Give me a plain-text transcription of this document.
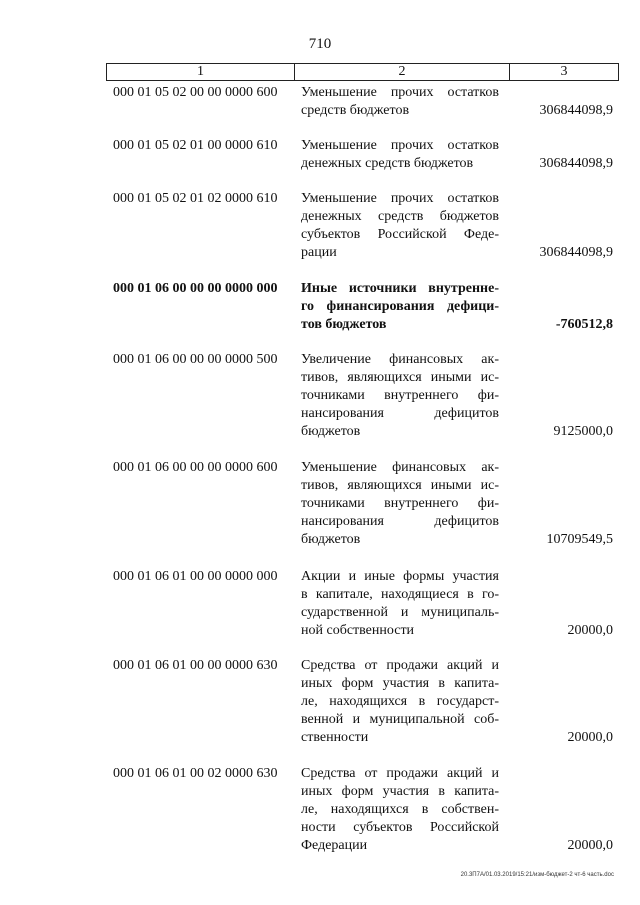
710
1	2	3
000 01 05 02 00 00 0000 600 Уменьшение прочих остатков
средств бюджетов	306844098,9
000 01 05 02 01 00 0000 610 Уменьшение прочих остатков
денежных средств бюджетов	306844098,9
000 01 05 02 01 02 0000 610 Уменьшение прочих остатков
денежных средств бюджетов
субъектов Российской Феде-
рации	306844098,9
000 01 06 00 00 00 0000 000 Иные источники внутренне-
го финансирования дефици-
тов бюджетов	-760512,8
000 01 06 00 00 00 0000 500 Увеличение финансовых ак-
тивов, являющихся иными ис-
точниками внутреннего фи-
нансирования дефицитов
бюджетов	9125000,0
000 01 06 00 00 00 0000 600 Уменьшение финансовых ак-
тивов, являющихся иными ис-
точниками внутреннего фи-
нансирования дефицитов
бюджетов	10709549,5
000 01 06 01 00 00 0000 000 Акции и иные формы участия
в капитале, находящиеся в го-
сударственной и муниципаль-
ной собственности	20000,0
000 01 06 01 00 00 0000 630 Средства от продажи акций и
иных форм участия в капита-
ле, находящихся в государст-
венной и муниципальной соб-
ственности	20000,0
000 01 06 01 00 02 0000 630 Средства от продажи акций и
иных форм участия в капита-
ле, находящихся в собствен-
ности субъектов Российской
Федерации	20000,0
20.3П7А/01.03.2019/15:21/изм-бюджет-2 чт-6 часть.doc
